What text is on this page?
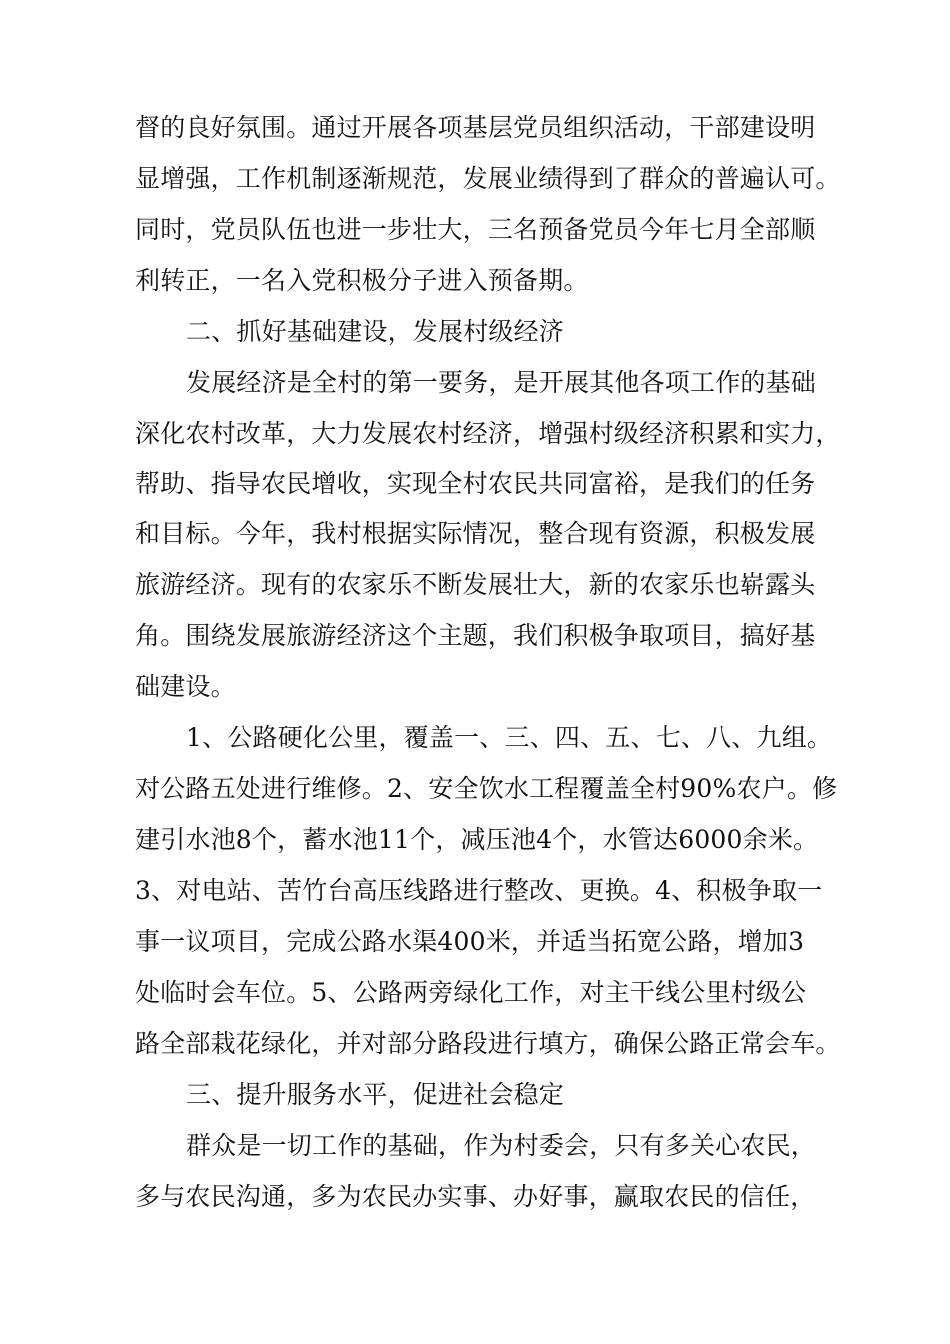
督的良好氛围。通过开展各项基层党员组织活动，干部建设明
显增强，工作机制逐渐规范，发展业绩得到了群众的普遍认可。
同时，党员队伍也进一步壮大，三名预备党员今年七月全部顺
利转正，一名入党积极分子进入预备期。
二、抓好基础建设，发展村级经济
发展经济是全村的第一要务，是开展其他各项工作的基础
深化农村改革，大力发展农村经济，增强村级经济积累和实力，
帮助、指导农民增收，实现全村农民共同富裕，是我们的任务
和目标。今年，我村根据实际情况，整合现有资源，积极发展
旅游经济。现有的农家乐不断发展壮大，新的农家乐也崭露头
角。围绕发展旅游经济这个主题，我们积极争取项目，搞好基
础建设。
1、公路硬化公里，覆盖一、三、四、五、七、八、九组。
对公路五处进行维修。2、安全饮水工程覆盖全村90%农户。修
建引水池8个，蓄水池11个，减压池4个，水管达6000余米。
3、对电站、苦竹台高压线路进行整改、更换。4、积极争取一
事一议项目，完成公路水渠400米，并适当拓宽公路，增加3
处临时会车位。5、公路两旁绿化工作，对主干线公里村级公
路全部栽花绿化，并对部分路段进行填方，确保公路正常会车。
三、提升服务水平，促进社会稳定
群众是一切工作的基础，作为村委会，只有多关心农民，
多与农民沟通，多为农民办实事、办好事，赢取农民的信任，
